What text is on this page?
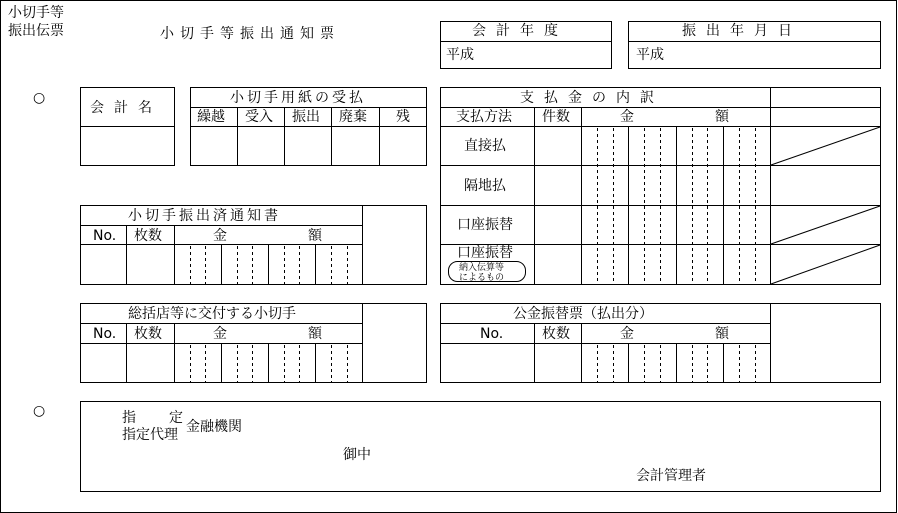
小切手等
振出伝票	小切手等振出通知票	会計年度
平成
振出年月日
平成
○
○
会計名
小切手用紙の受払
繰越 受入 振出 廃棄 残
支払金の内訳
支払方法 件数	金	額
直接払
隔地払
口座振替
口座振替
納入伝算等
によるもの
小切手振出済通知書
No. 枚数	金	額
総括店等に交付する小切手
No. 枚数	金	額
公金振替票（払出分）
No.	枚数	金	額
指 定
指定代理 金融機関
御中
会計管理者
